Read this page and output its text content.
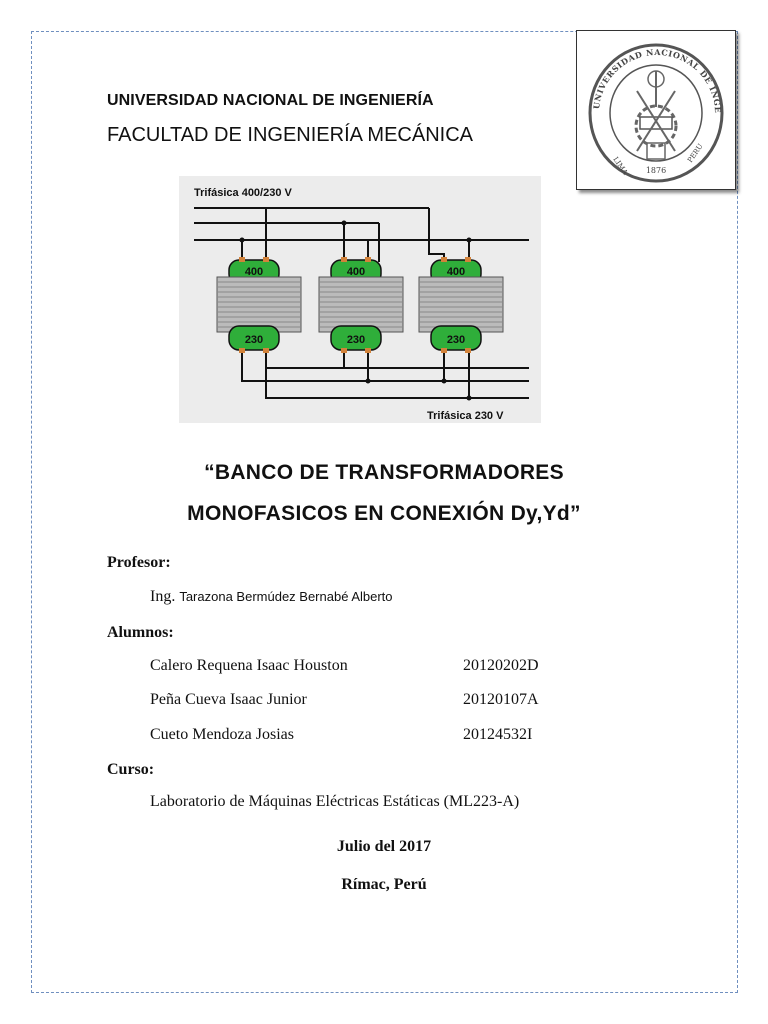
UNIVERSIDAD NACIONAL DE INGENIERÍA
FACULTAD DE INGENIERÍA MECÁNICA
UNIVERSIDAD NACIONAL DE INGE
LIMA
PERU
1876
Trifásica 400/230 V
Trifásica 230 V
400
230
400
230
400
230
“BANCO DE TRANSFORMADORES
MONOFASICOS EN CONEXIÓN Dy,Yd”
Profesor:
Ing. Tarazona Bermúdez Bernabé Alberto
Alumnos:
Calero Requena Isaac Houston	20120202D
Peña Cueva Isaac Junior	20120107A
Cueto Mendoza Josias	20124532I
Curso:
Laboratorio de Máquinas Eléctricas Estáticas (ML223-A)
Julio del 2017
Rímac, Perú
